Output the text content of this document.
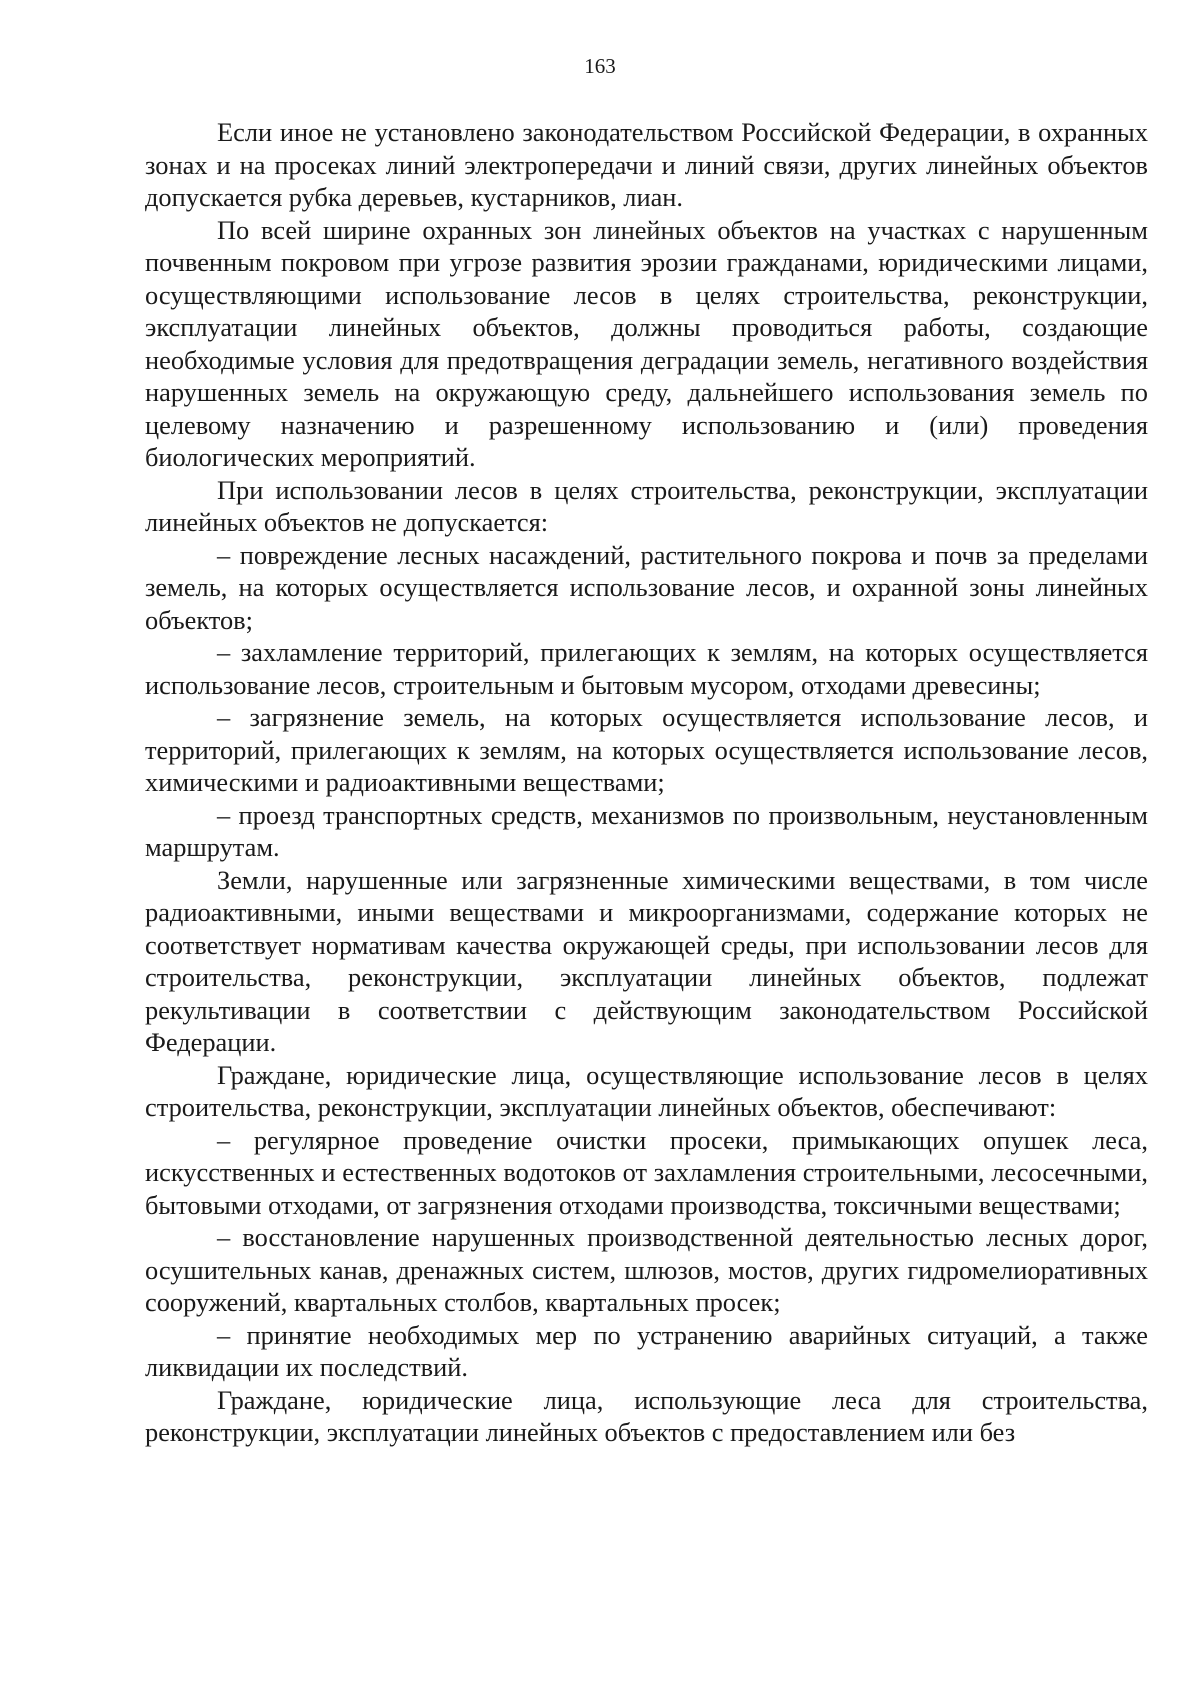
163

Если иное не установлено законодательством Российской Федерации, в охранных зонах и на просеках линий электропередачи и линий связи, других линейных объектов допускается рубка деревьев, кустарников, лиан.

По всей ширине охранных зон линейных объектов на участках с нарушенным почвенным покровом при угрозе развития эрозии гражданами, юридическими лицами, осуществляющими использование лесов в целях строительства, реконструкции, эксплуатации линейных объектов, должны проводиться работы, создающие необходимые условия для предотвращения деградации земель, негативного воздействия нарушенных земель на окружающую среду, дальнейшего использования земель по целевому назначению и разрешенному использованию и (или) проведения биологических мероприятий.

При использовании лесов в целях строительства, реконструкции, эксплуатации линейных объектов не допускается:

– повреждение лесных насаждений, растительного покрова и почв за пределами земель, на которых осуществляется использование лесов, и охранной зоны линейных объектов;

– захламление территорий, прилегающих к землям, на которых осуществляется использование лесов, строительным и бытовым мусором, отходами древесины;

– загрязнение земель, на которых осуществляется использование лесов, и территорий, прилегающих к землям, на которых осуществляется использование лесов, химическими и радиоактивными веществами;

– проезд транспортных средств, механизмов по произвольным, неустановленным маршрутам.

Земли, нарушенные или загрязненные химическими веществами, в том числе радиоактивными, иными веществами и микроорганизмами, содержание которых не соответствует нормативам качества окружающей среды, при использовании лесов для строительства, реконструкции, эксплуатации линейных объектов, подлежат рекультивации в соответствии с действующим законодательством Российской Федерации.

Граждане, юридические лица, осуществляющие использование лесов в целях строительства, реконструкции, эксплуатации линейных объектов, обеспечивают:

– регулярное проведение очистки просеки, примыкающих опушек леса, искусственных и естественных водотоков от захламления строительными, лесосечными, бытовыми отходами, от загрязнения отходами производства, токсичными веществами;

– восстановление нарушенных производственной деятельностью лесных дорог, осушительных канав, дренажных систем, шлюзов, мостов, других гидромелиоративных сооружений, квартальных столбов, квартальных просек;

– принятие необходимых мер по устранению аварийных ситуаций, а также ликвидации их последствий.

Граждане, юридические лица, использующие леса для строительства, реконструкции, эксплуатации линейных объектов с предоставлением или без
